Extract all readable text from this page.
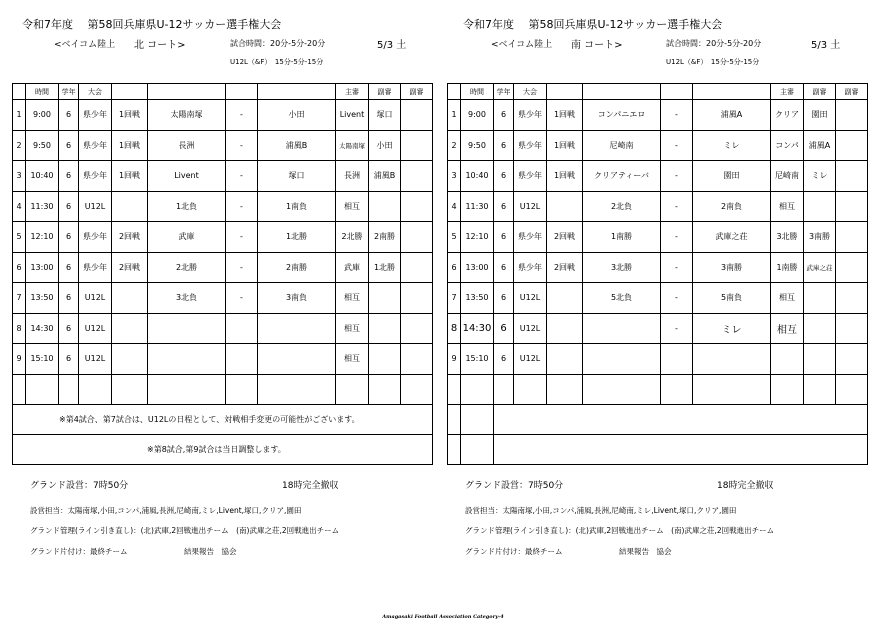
令和7年度　 第58回兵庫県U-12サッカー選手権大会
<ベイコム陸上 北 コート>	試合時間：20分-5分-20分	5/3 土
U12L（&F）　15分-5分-15分
	時間	学年	大会					主審	副審	副審
1	9:00	6	県少年	1回戦	太陽南塚	-	小田	Livent	塚口	
2	9:50	6	県少年	1回戦	長洲	-	浦風B	太陽南塚	小田	
3	10:40	6	県少年	1回戦	Livent	-	塚口	長洲	浦風B	
4	11:30	6	U12L		1北負	-	1南負	相互		
5	12:10	6	県少年	2回戦	武庫	-	1北勝	2北勝	2南勝	
6	13:00	6	県少年	2回戦	2北勝	-	2南勝	武庫	1北勝	
7	13:50	6	U12L		3北負	-	3南負	相互		
8	14:30	6	U12L					相互		
9	15:10	6	U12L					相互		

※第4試合、第7試合は、U12Lの日程として、対戦相手変更の可能性がございます。										
※第8試合,第9試合は当日調整します。										
グランド設営：7時50分	18時完全撤収
設営担当：太陽南塚,小田,コンパ,浦風,長洲,尼崎南,ミレ,Livent,塚口,クリア,園田
グランド管理(ライン引き直し)：(北)武庫,2回戦進出チーム　(南)武庫之荘,2回戦進出チーム
グランド片付け：最終チーム	結果報告　協会
令和7年度　 第58回兵庫県U-12サッカー選手権大会
<ベイコム陸上 南 コート>	試合時間：20分-5分-20分	5/3 土
U12L（&F）　15分-5分-15分
	時間	学年	大会					主審	副審	副審
1	9:00	6	県少年	1回戦	コンパニエロ	-	浦風A	クリア	園田	
2	9:50	6	県少年	1回戦	尼崎南	-	ミレ	コンパ	浦風A	
3	10:40	6	県少年	1回戦	クリアティーバ	-	園田	尼崎南	ミレ	
4	11:30	6	U12L		2北負	-	2南負	相互		
5	12:10	6	県少年	2回戦	1南勝	-	武庫之荘	3北勝	3南勝	
6	13:00	6	県少年	2回戦	3北勝	-	3南勝	1南勝	武庫之荘	
7	13:50	6	U12L		5北負	-	5南負	相互		
8	14:30	6	U12L			-	ミレ	相互		
9	15:10	6	U12L							

グランド設営：7時50分	18時完全撤収
設営担当：太陽南塚,小田,コンパ,浦風,長洲,尼崎南,ミレ,Livent,塚口,クリア,園田
グランド管理(ライン引き直し)：(北)武庫,2回戦進出チーム　(南)武庫之荘,2回戦進出チーム
グランド片付け：最終チーム	結果報告　協会
Amagasaki Football Association Category-4
